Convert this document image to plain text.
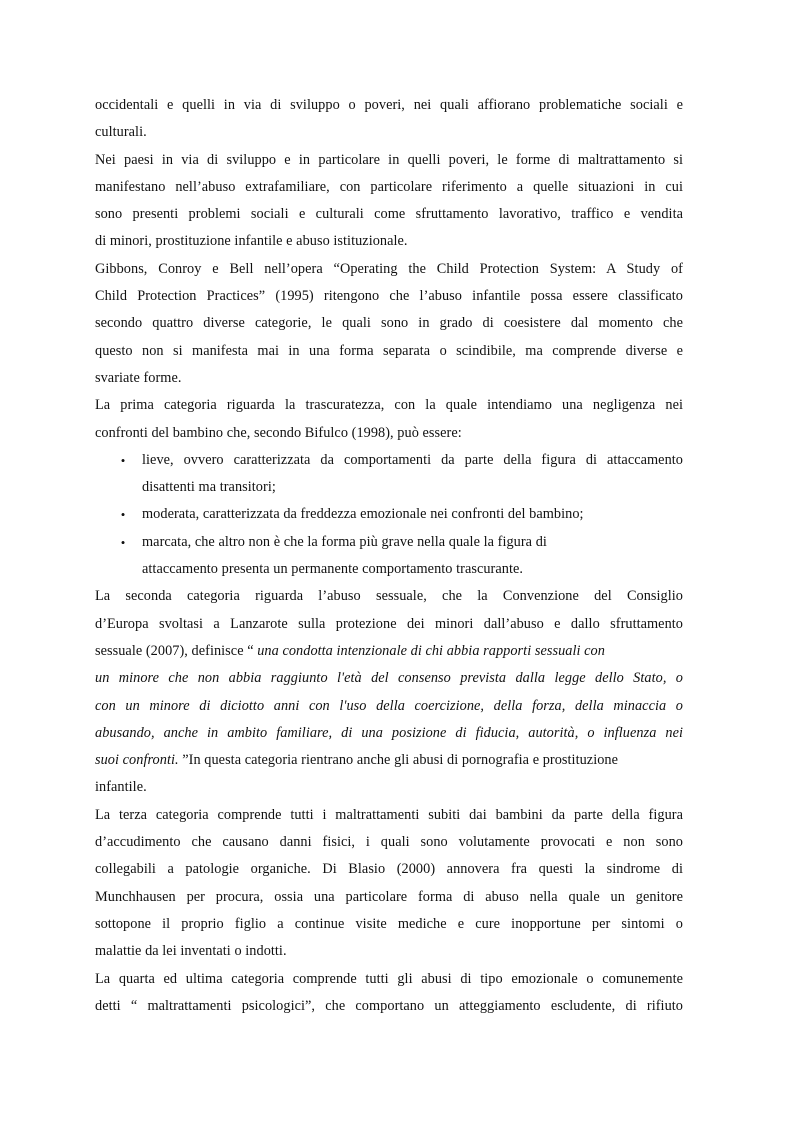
occidentali e quelli in via di sviluppo o poveri, nei quali affiorano problematiche sociali e
culturali.
Nei paesi in via di sviluppo e in particolare in quelli poveri, le forme di maltrattamento si
manifestano nell’abuso extrafamiliare, con particolare riferimento a quelle situazioni in cui
sono presenti problemi sociali e culturali come sfruttamento lavorativo, traffico e vendita
di minori, prostituzione infantile e abuso istituzionale.
Gibbons, Conroy e Bell nell’opera “Operating the Child Protection System: A Study of
Child Protection Practices” (1995) ritengono che l’abuso infantile possa essere classificato
secondo quattro diverse categorie, le quali sono in grado di coesistere dal momento che
questo non si manifesta mai in una forma separata o scindibile, ma comprende diverse e
svariate forme.
La prima categoria riguarda la trascuratezza, con la quale intendiamo una negligenza nei
confronti del bambino che, secondo Bifulco (1998), può essere:
• lieve, ovvero caratterizzata da comportamenti da parte della figura di attaccamento
disattenti ma transitori;
• moderata, caratterizzata da freddezza emozionale nei confronti del bambino;
• marcata, che altro non è che la forma più grave nella quale la figura di
attaccamento presenta un permanente comportamento trascurante.
La seconda categoria riguarda l’abuso sessuale, che la Convenzione del Consiglio
d’Europa svoltasi a Lanzarote sulla protezione dei minori dall’abuso e dallo sfruttamento
sessuale (2007), definisce “ una condotta intenzionale di chi abbia rapporti sessuali con
un minore che non abbia raggiunto l'età del consenso prevista dalla legge dello Stato, o
con un minore di diciotto anni con l'uso della coercizione, della forza, della minaccia o
abusando, anche in ambito familiare, di una posizione di fiducia, autorità, o influenza nei
suoi confronti. ”In questa categoria rientrano anche gli abusi di pornografia e prostituzione
infantile.
La terza categoria comprende tutti i maltrattamenti subiti dai bambini da parte della figura
d’accudimento che causano danni fisici, i quali sono volutamente provocati e non sono
collegabili a patologie organiche. Di Blasio (2000) annovera fra questi la sindrome di
Munchhausen per procura, ossia una particolare forma di abuso nella quale un genitore
sottopone il proprio figlio a continue visite mediche e cure inopportune per sintomi o
malattie da lei inventati o indotti.
La quarta ed ultima categoria comprende tutti gli abusi di tipo emozionale o comunemente
detti “ maltrattamenti psicologici”, che comportano un atteggiamento escludente, di rifiuto
